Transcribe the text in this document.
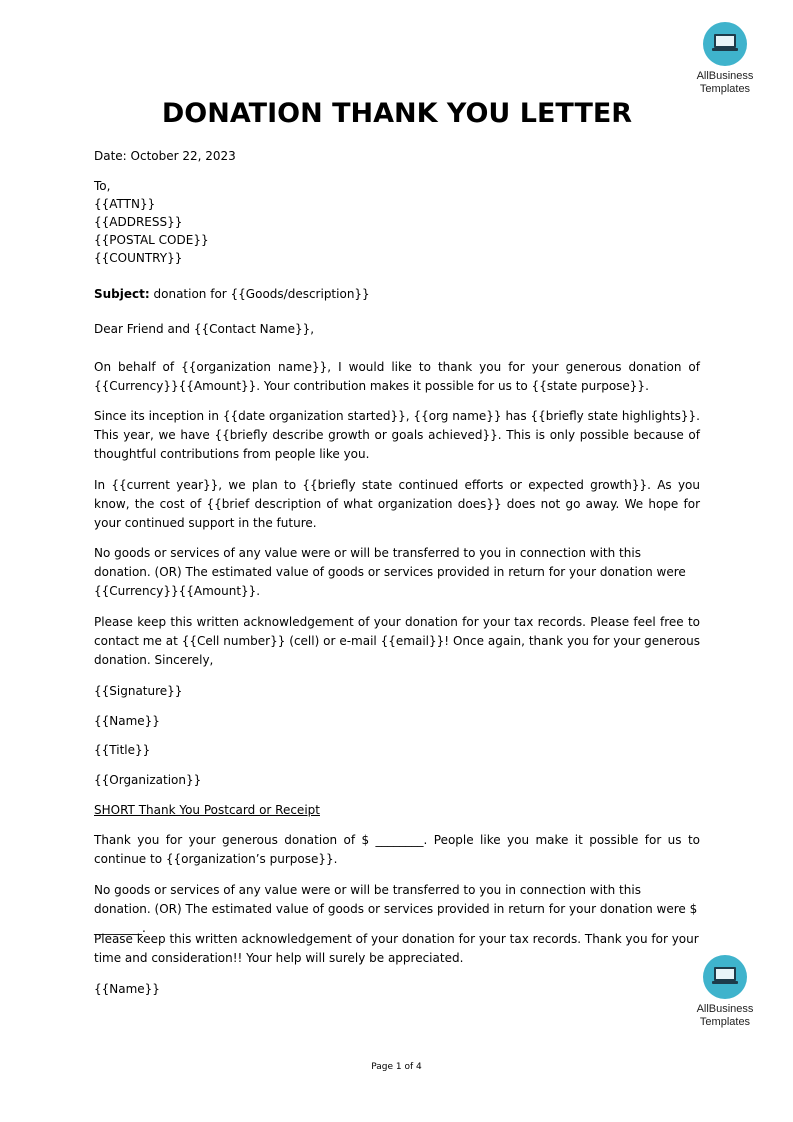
AllBusiness
Templates
DONATION THANK YOU LETTER
Date: October 22, 2023
To,
{{ATTN}}
{{ADDRESS}}
{{POSTAL CODE}}
{{COUNTRY}}
Subject: donation for {{Goods/description}}
Dear Friend and {{Contact Name}},
On behalf of {{organization name}}, I would like to thank you for your generous donation of {{Currency}}{{Amount}}. Your contribution makes it possible for us to {{state purpose}}.
Since its inception in {{date organization started}}, {{org name}} has {{briefly state highlights}}. This year, we have {{briefly describe growth or goals achieved}}. This is only possible because of thoughtful contributions from people like you.
In {{current year}}, we plan to {{briefly state continued efforts or expected growth}}. As you know, the cost of {{brief description of what organization does}} does not go away. We hope for your continued support in the future.
No goods or services of any value were or will be transferred to you in connection with this donation. (OR) The estimated value of goods or services provided in return for your donation were {{Currency}}{{Amount}}.
Please keep this written acknowledgement of your donation for your tax records. Please feel free to contact me at {{Cell number}} (cell) or e-mail {{email}}! Once again, thank you for your generous donation. Sincerely,
{{Signature}}
{{Name}}
{{Title}}
{{Organization}}
SHORT Thank You Postcard or Receipt
Thank you for your generous donation of $ ________. People like you make it possible for us to continue to {{organization’s purpose}}.
No goods or services of any value were or will be transferred to you in connection with this donation. (OR) The estimated value of goods or services provided in return for your donation were $ ________.
Please keep this written acknowledgement of your donation for your tax records. Thank you for your time and consideration!! Your help will surely be appreciated.
{{Name}}
AllBusiness
Templates
Page 1 of 4
